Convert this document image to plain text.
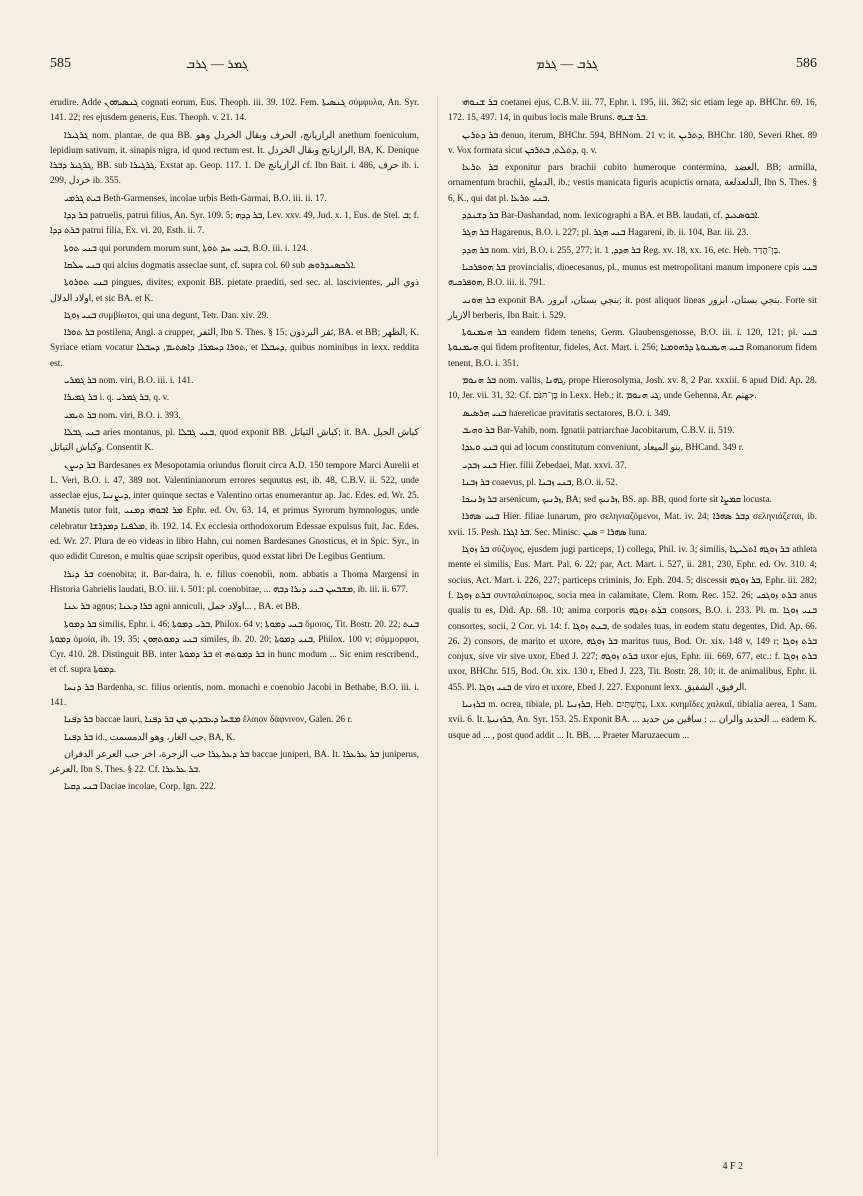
585	ܓܡܪ — ܓܪܒ	ܓܪܒ — ܓܪܡ	586

erudire. Adde ܓܢܣܝܗܘܢ cognati eorum, Eus. Theoph. iii. 39. 102. Fem. ܓܢܣܝܬܐ σύμφυλα, An. Syr. 141. 22; res ejusdem generis, Eus. Theoph. v. 21. 14.

ܓܪܓܝܪܐ nom. plantae, de qua BB. الرازيانج، الحرف وبقال الخردل وهو anethum foeniculum, lepidium sativum, it. sinapis nigra, id quod rectum est. It. الرازيانج وبقال الخردل, BA, K. Denique ܓܪܓܝܪ ܕܒܪܐ, BB. sub ܓܪܓܝܪܐ. Exstat ap. Geop. 117. 1. De الرازيانج cf. Ibn Bait. i. 486, حرف ib. i. 299, خردل ib. 355.

ܒܝܬ ܓܪܡܝ Beth-Garmenses, incolae urbis Beth-Garmai, B.O. iii. ii. 17.

ܒܪ ܕܕܐ patruelis, patrui filius, An. Syr. 109. 5; ܒܪ ܕܕܗ, Lev. xxv. 49, Jud. x. 1, Eus. de Stel. ܒ; f. ܒܪܬ ܕܕܐ patrui filia, Ex. vi. 20, Esth. ii. 7.

ܒܢܝ ܬܘܬܐ qui porundem morum sunt, ܒܢܝ ܚܕ ܬܘܬܐ, B.O. iii. i. 124.

ܒܢܝ ܚܠܩܐ qui alcius dogmatis asseclae sunt, cf. supra col. 60 sub ܐܠܟܣܢܕܪܘܣ.

ܒܢܝ ܬܘܪܘܬܐ pingues, divites; exponit BB. pietate praediti, sed sec. al. lascivientes, ذوي البر اولاد الدلال, et sic BA. et K.

ܒܢܝ ܙܘܓܐ συμβίωτοι, qui una degunt, Tetr. Dan. xiv. 29.

ܒܪ ܬܘܪܐ postilena, Angl. a crupper, الثفر, Ibn S. Thes. § 15; ثفر البرذون, BA. et BB; الظهر, K. Syriace etiam vocatur ܬܘܪܐ ܕܚܡܪܐ, ܕܐܣܬܝܡ, ܕܚܒܠܐ, et ܕܚܒܠܐ, quibus nominibus in lexx. reddita est.

ܒܪ ܓܡܪܝ nom. viri, B.O. iii. i. 141.

ܒܪ ܓܡܝܪܐ i. q. ܒܪ ܓܡܪܝ, q. v.

ܒܪ ܬܝܡܝ nom. viri, B.O. i. 393.

ܒܢܝ ܓܒܠܐ aries montanus, pl. ܒܢܝ ܓܒܠܐ, quod exponit BB. كباش التياتل; it. BA. كباش الجبل وكباش التياتل. Consentit K.

ܒܪ ܕܝܨܢ Bardesanes ex Mesopotamia oriundus floruit circa A.D. 150 tempore Marci Aurelii et L. Veri, B.O. i. 47, 389 not. Valentinianorum errores sequutus est, ib. 48, C.B.V. ii. 522, unde asseclae ejus, ܕܝܨܢܝܐ, inter quinque sectas e Valentino ortas enumerantur ap. Jac. Edes. ed. Wr. 25. Manetis tutor fuit, ܡܪ ܐܒܘܗܝ ܕܡܢܝ Ephr. ed. Ov. 63. 14, et primus Syrorum hymnologus, unde celebratur ܡܠܦܢܐ ܕܡܕܪܫܐ, ib. 192. 14. Ex ecclesia orthodoxorum Edessae expulsus fuit, Jac. Edes. ed. Wr. 27. Plura de eo videas in libro Hahn, cui nomen Bardesanes Gnosticus, et in Spic. Syr., in quo edidit Cureton, e multis quae scripsit operibus, quod exstat libri De Legibus Gentium.

ܒܪ ܕܝܪܐ coenobita; it. Bar-daira, h. e. filius coenobii, nom. abbatis a Thoma Margensi in Historia Gabrielis laudati, B.O. iii. i. 501: pl. coenobitae, ... ܡܫܒܚܢ ܒܢܝ ܕܝܪܐ ܕܒܗ, ib. iii. ii. 677.

ܒܪ ܥܢܐ agnus; ܒܪܐ ܕܥܢܐ agni anniculi, اولاد جمل... , BA. et BB.

ܒܪ ܕܡܘܬܐ similis, Ephr. i. 46; ܒܪܝ ܕܡܘܬܐ, Philox. 64 v; ܒܢܝ ܕܡܘܬܐ ὅμοιος, Tit. Bostr. 20. 22; ܒܢܬ ܕܡܘܬܐ ὁμοία, ib. 19. 35; ܒܢܝ ܕܡܘܬܗܘܢ similes, ib. 20. 20; ܒܢܝ ܕܡܘܬܐ, Philox. 100 v; σύμμορφοι, Cyr. 410. 28. Distinguit BB. inter ܒܪ ܕܡܘܬܐ et ܒܪ ܕܡܘܬܗ in hunc modum ... Sic enim rescribend., et cf. supra ܕܡܘܬܐ.

ܒܪ ܕܢܚܐ Bardenha, sc. filius orientis, nom. monachi e coenobio Jacobi in Bethabe, B.O. iii. i. 141.

ܒܪ ܕܦܢܐ baccae lauri, ܡܫܚܐ ܕܥܒܕܝܢ ܡܢ ܒܪ ܕܦܢܐ ἔλαιον δάφνινον, Galen. 26 r.

ܒܪ ܕܦܢܐ id., حب الغار، وهو الدمسمت, BA, K.

ܒܪ ܕܥܪܥܪܐ حب الزجرة، اخر حب العرعر الدفران baccae juniperi, BA. It. ܒܪ ܥܪܥܪܐ juniperus, العرعر, Ibn S. Thes. § 22. Cf. ܒܪ ܥܪܥܪܐ.

ܒܢܝ ܕܩܝܐ Daciae incolae, Corp. Ign. 222.

ܒܪ ܫܢܘܗܝ coetanei ejus, C.B.V. iii. 77, Ephr. i. 195, iii. 362; sic etiam lege ap. BHChr. 69. 16, 172. 15, 497. 14, in quibus locis male Bruns. ܒܪ ܫܢܗ.

ܒܪ ܕܬܪܝܢ denuo, iterum, BHChr. 594, BHNom. 21 v; it. ܕܬܪܝܢ, BHChr. 180, Severi Rhet. 89 v. Vox formata sicut ܕܬܠܬ, ܒܬܪܟܢ, q. v.

ܒܪ ܬܪܥܐ exponitur pars brachii cubito humeroque contermina, العضد, BB; armilla, ornamentum brachii, الدملج, ib.; vestis manicata figuris acupictis ornata, الدلعدلعة, Ibn S. Thes. § 6, K., qui dat pl. ܒܢܝ ܬܪܥܐ.

ܒܪ ܕܫܢܕܕ Bar-Dashandad, nom. lexicographi a BA. et BB. laudati, cf. ܐܒܘܣܥܝܕ.

ܒܪ ܗܓܪ Hagarenus, B.O. i. 227; pl. ܒܢܝ ܗܓܪ Hagareni, ib. ii. 104, Bar. iii. 23.

ܒܪ ܗܕܕ nom. viri, B.O. i. 255, 277; it. ܒܪ ܗܕܕ, 1 Reg. xv. 18, xx. 16, etc. Heb. בֶּן־הֲדַד.

ܒܪ ܗܘܦܪܟܝܐ provincialis, dioecesanus, pl., munus est metropolitani manum imponere cpis ܒܢܝ ܗܘܦܪܟܝܗ, B.O. iii. ii. 791.

ܒܪ ܗܘܢܝ exponit BA. بنجي بستان، ابرور; it. post aliquot lineas بنجي بستان، ابزور. Forte sit الازبار berberis, Ibn Bait. i. 529.

ܒܪ ܗܝܡܢܘܬܐ eandem fidem tenens, Germ. Glaubensgenosse, B.O. iii. i. 120, 121; pl. ܒܢܝ ܗܝܡܢܘܬܐ qui fidem profitentur, fideles, Act. Mart. i. 256; ܒܢܝ ܗܝܡܢܘܬܐ ܕܪܗܘܡܝܐ Romanorum fidem tenent, B.O. i. 351.

ܒܪ ܗܢܘܡ nom. vallis, ܓܗܢܐ, prope Hierosolyma, Josh. xv. 8, 2 Par. xxxiii. 6 apud Did. Ap. 28. 10, Jer. vii. 31, 32. Cf. בֶּן־הִנֹּם in Lexx. Heb.; it. ܓܝ ܗܢܘܡ, unde Gehenna, Ar. جهنم.

ܒܢܝ ܗܪܣܝܣ haereticae pravitatis sectatores, B.O. i. 349.

ܒܪ ܘܗܝܒ Bar-Vahib, nom. Ignatii patriarchae Jacobitarum, C.B.V. ii. 519.

ܒܢܝ ܘܥܕܐ qui ad locum constitutum conveniunt, بنو الميعاد, BHCand. 349 r.

ܒܢܝ ܙܒܕܝ Hier. filii Zebedaei, Mat. xxvi. 37.

ܒܪ ܙܒܢܐ coaevus, pl. ܒܢܝ ܙܒܢܐ, B.O. ii. 52.

ܒܪ ܙܪܢܝܟܐ arsenicum, ܙܪܢܝܟ, BA; sed ܙܪܢܝܟ, BS. ap. BB, quod forte sit ܩܡܨܐ locusta.

ܒܢܝ ܣܗܪܐ Hier. filiae lunarum, pro σεληνιαζόμενοι, Mat. iv. 24; ܕܒܪ ܣܗܪܐ σεληνιάζεται, ib. xvii. 15. Pesh. ܒܪ ܐܓܪܐ. Sec. Minisc. ܣܗܪܐ = ܣܝܢ luna.

ܒܪ ܙܘܓܐ σύζυγος, ejusdem jugi particeps, 1) collega, Phil. iv. 3; similis, ܒܪ ܙܘܓܗ ܐܬܠܝܛܐ athleta mente ei similis, Eus. Mart. Pal. 6. 22; par, Act. Mart. i. 527, ii. 281, 230, Ephr. ed. Ov. 310. 4; socius, Act. Mart. i. 226, 227; particeps criminis, Jo. Eph. 204. 5; discessit ܒܪ ܙܘܓܗ, Ephr. iii. 282; f. ܒܪܬ ܙܘܓܐ συνταλαίπωρος, socia mea in calamitate, Clem. Rom. Rec. 152. 26; ܒܪܬ ܙܘܓܟܝ anus qualis tu es, Did. Ap. 68. 10; anima corporis ܒܪܬ ܙܘܓܗ consors, B.O. i. 233. Pl. m. ܒܢܝ ܙܘܓܐ consortes, socii, 2 Cor. vi. 14: f. ܒܢܬ ܙܘܓܐ, de sodales tuas, in eodem statu degentes, Did. Ap. 66. 26. 2) consors, de marito et uxore, ܒܪ ܙܘܓܗ maritus tuus, Bod. Or. xix. 148 v, 149 r; ܒܪܬ ܙܘܓܐ conjux, sive vir sive uxor, Ebed J. 227; ܒܪܬ ܙܘܓܗ uxor ejus, Ephr. iii. 669, 677, etc.: f. ܒܪܬ ܙܘܓܐ uxor, BHChr. 515, Bod. Or. xix. 130 r, Ebed J. 223, Tit. Bostr. 28. 10; it. de animalibus, Ephr. ii. 455. Pl. ܒܢܝ ܙܘܓܐ de viro et uxore, Ebed J. 227. Exponunt lexx. الرفيق، الشفيق.

ܒܪܙܢܝܐ m. ocrea, tibiale, pl. ܒܪܙܢܝܐ, Heb. נְחֻשְׁתַּיִם, Lxx. κνημῖδες χαλκαῖ, tibialia aerea, 1 Sam. xvii. 6. It. ܒܪܙܢܝܬܐ, An. Syr. 153. 25. Exponit BA. ... الحديد والران ... ; ساقين من حديد ... eadem K. usque ad ... , post quod addit ... It. BB. ... Praeter Maruzaecum ...

4 F 2
